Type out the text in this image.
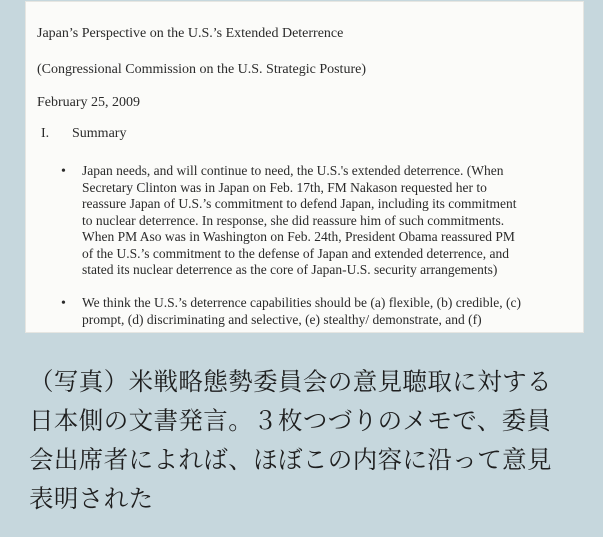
Japan’s Perspective on the U.S.’s Extended Deterrence
(Congressional Commission on the U.S. Strategic Posture)
February 25, 2009
I. Summary
• Japan needs, and will continue to need, the U.S.'s extended deterrence. (When
Secretary Clinton was in Japan on Feb. 17th, FM Nakason requested her to
reassure Japan of U.S.’s commitment to defend Japan, including its commitment
to nuclear deterrence. In response, she did reassure him of such commitments.
When PM Aso was in Washington on Feb. 24th, President Obama reassured PM
of the U.S.’s commitment to the defense of Japan and extended deterrence, and
stated its nuclear deterrence as the core of Japan-U.S. security arrangements)
• We think the U.S.’s deterrence capabilities should be (a) flexible, (b) credible, (c)
prompt, (d) discriminating and selective, (e) stealthy/ demonstrate, and (f)
（写真）米戦略態勢委員会の意見聴取に対する
日本側の文書発言。３枚つづりのメモで、委員
会出席者によれば、ほぼこの内容に沿って意見
表明された
